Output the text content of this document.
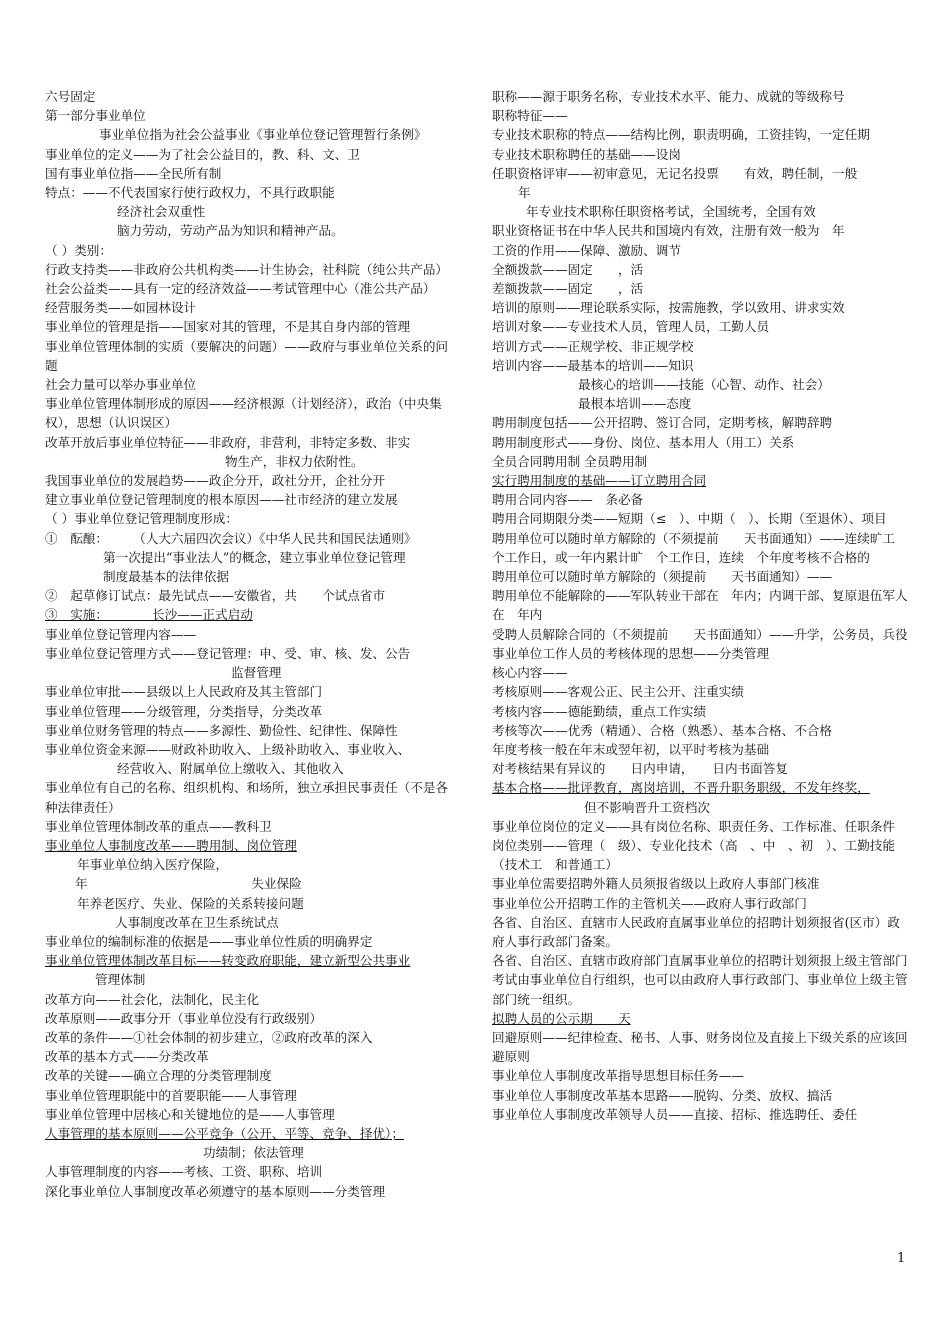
六号固定
第一部分事业单位
事业单位指为社会公益事业《事业单位登记管理暂行条例》
事业单位的定义——为了社会公益目的，教、科、文、卫
国有事业单位指——全民所有制
特点：——不代表国家行使行政权力，不具行政职能
经济社会双重性
脑力劳动，劳动产品为知识和精神产品。
（ ）类别：
行政支持类——非政府公共机构类——计生协会，社科院（纯公共产品）
社会公益类——具有一定的经济效益——考试管理中心（准公共产品）
经营服务类——如园林设计
事业单位的管理是指——国家对其的管理，不是其自身内部的管理
事业单位管理体制的实质（要解决的问题）——政府与事业单位关系的问题
社会力量可以举办事业单位
事业单位管理体制形成的原因——经济根源（计划经济），政治（中央集权），思想（认识误区）
改革开放后事业单位特征——非政府，非营利，非特定多数、非实
物生产，非权力依附性。
我国事业单位的发展趋势——政企分开，政社分开，企社分开
建立事业单位登记管理制度的根本原因——社市经济的建立发展
（ ）事业单位登记管理制度形成：
①　酝酿：　　　（人大六届四次会议）《中华人民共和国民法通则》
第一次提出“事业法人”的概念，建立事业单位登记管理
制度最基本的法律依据
②　起草修订试点：最先试点——安徽省，共　　个试点省市
③　实施：　　　　长沙——正式启动
事业单位登记管理内容——
事业单位登记管理方式——登记管理：申、受、审、核、发、公告
监督管理
事业单位审批——县级以上人民政府及其主管部门
事业单位管理——分级管理，分类指导，分类改革
事业单位财务管理的特点——多源性、勤俭性、纪律性、保障性
事业单位资金来源——财政补助收入、上级补助收入、事业收入、
经营收入、附属单位上缴收入、其他收入
事业单位有自己的名称、组织机构、和场所，独立承担民事责任（不是各种法律责任）
事业单位管理体制改革的重点——教科卫
事业单位人事制度改革——聘用制、岗位管理
年事业单位纳入医疗保险，
年　　　　　　　　　　　　　失业保险
年养老医疗、失业、保险的关系转接问题
人事制度改革在卫生系统试点
事业单位的编制标准的依据是——事业单位性质的明确界定
事业单位管理体制改革目标——转变政府职能，建立新型公共事业
管理体制
改革方向——社会化，法制化，民主化
改革原则——政事分开（事业单位没有行政级别）
改革的条件——①社会体制的初步建立，②政府改革的深入
改革的基本方式——分类改革
改革的关键——确立合理的分类管理制度
事业单位管理职能中的首要职能——人事管理
事业单位管理中居核心和关键地位的是——人事管理
人事管理的基本原则——公平竞争（公开、平等、竞争、择优）；
功绩制；依法管理
人事管理制度的内容——考核、工资、职称、培训
深化事业单位人事制度改革必须遵守的基本原则——分类管理
职称——源于职务名称，专业技术水平、能力、成就的等级称号
职称特征——
专业技术职称的特点——结构比例，职责明确，工资挂钩，一定任期
专业技术职称聘任的基础——设岗
任职资格评审——初审意见，无记名投票　　有效，聘任制，一般
年
年专业技术职称任职资格考试，全国统考，全国有效
职业资格证书在中华人民共和国境内有效，注册有效一般为　年
工资的作用——保障、激励、调节
全额拨款——固定　　，活
差额拨款——固定　　，活
培训的原则——理论联系实际，按需施教，学以致用、讲求实效
培训对象——专业技术人员，管理人员，工勤人员
培训方式——正规学校、非正规学校
培训内容——最基本的培训——知识
最核心的培训——技能（心智、动作、社会）
最根本培训——态度
聘用制度包括——公开招聘、签订合同，定期考核，解聘辞聘
聘用制度形式——身份、岗位、基本用人（用工）关系
全员合同聘用制 全员聘用制
实行聘用制度的基础——订立聘用合同
聘用合同内容——　条必备
聘用合同期限分类——短期（≤　）、中期（　）、长期（至退休）、项目
聘用单位可以随时单方解除的（不须提前　　天书面通知）——连续旷工　个工作日，或一年内累计旷　个工作日，连续　个年度考核不合格的
聘用单位可以随时单方解除的（须提前　　天书面通知）——
聘用单位不能解除的——军队转业干部在　年内；内调干部、复原退伍军人在　年内
受聘人员解除合同的（不须提前　　天书面通知）——升学，公务员，兵役
事业单位工作人员的考核体现的思想——分类管理
核心内容——
考核原则——客观公正、民主公开、注重实绩
考核内容——德能勤绩，重点工作实绩
考核等次——优秀（精通）、合格（熟悉）、基本合格、不合格
年度考核一般在年末或翌年初，以平时考核为基础
对考核结果有异议的　　日内申请，　　日内书面答复
基本合格——批评教育，离岗培训，不晋升职务职级，不发年终奖，
但不影响晋升工资档次
事业单位岗位的定义——具有岗位名称、职责任务、工作标准、任职条件
岗位类别——管理（　级）、专业化技术（高　、中　、初　）、工勤技能（技术工　和普通工）
事业单位需要招聘外籍人员须报省级以上政府人事部门核准
事业单位公开招聘工作的主管机关——政府人事行政部门
各省、自治区、直辖市人民政府直属事业单位的招聘计划须报省(区市）政府人事行政部门备案。
各省、自治区、直辖市政府部门直属事业单位的招聘计划须报上级主管部门
考试由事业单位自行组织，也可以由政府人事行政部门、事业单位上级主管部门统一组织。
拟聘人员的公示期　　天
回避原则——纪律检查、秘书、人事、财务岗位及直接上下级关系的应该回避原则
事业单位人事制度改革指导思想目标任务——
事业单位人事制度改革基本思路——脱钩、分类、放权、搞活
事业单位人事制度改革领导人员——直接、招标、推选聘任、委任
1
